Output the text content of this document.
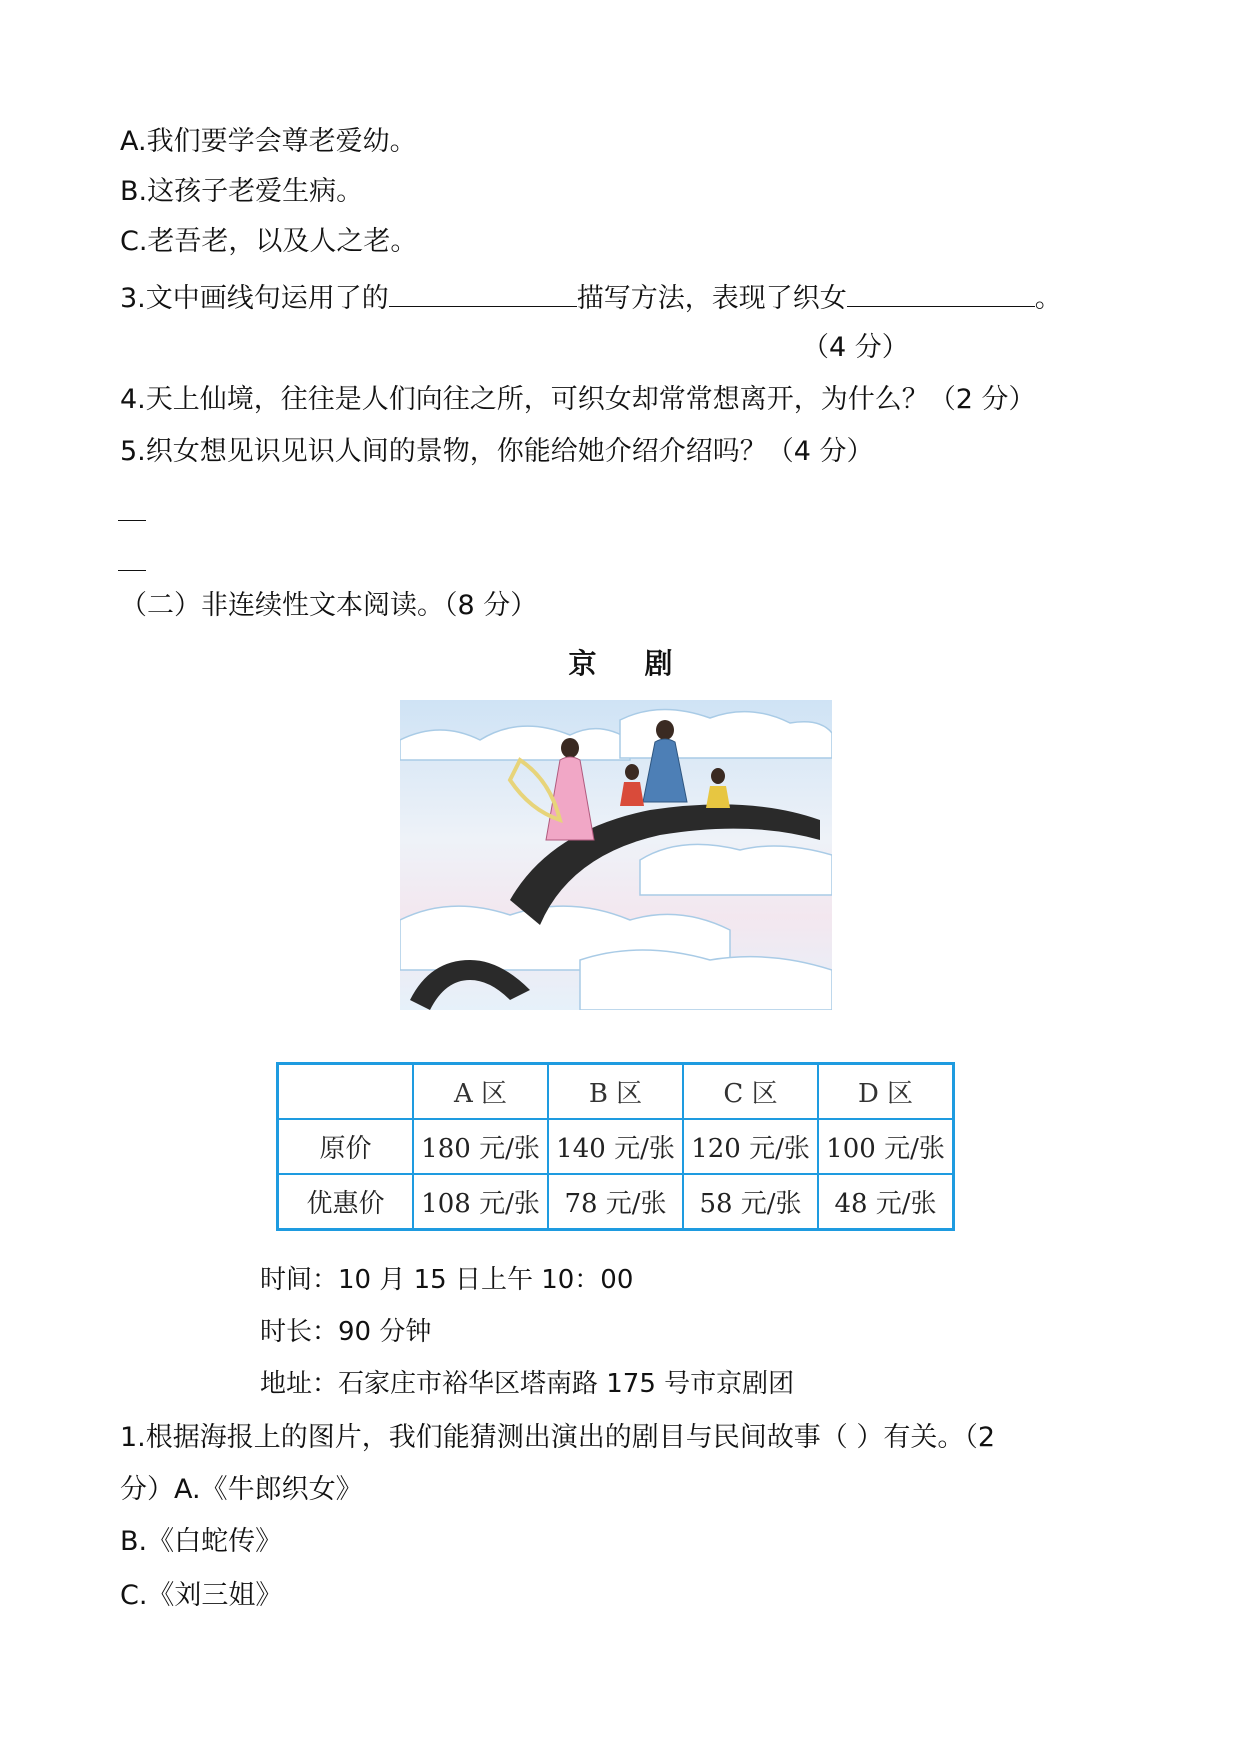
A.我们要学会尊老爱幼。
B.这孩子老爱生病。
C.老吾老，以及人之老。
3.文中画线句运用了的	描写方法，表现了织女	。
（4 分）
4.天上仙境，往往是人们向往之所，可织女却常常想离开，为什么？（2 分）
5.织女想见识见识人间的景物，你能给她介绍介绍吗？（4 分）
（二）非连续性文本阅读。（8 分）
京剧
	A 区	B 区	C 区	D 区
原价	180 元/张	140 元/张	120 元/张	100 元/张
优惠价	108 元/张	78 元/张	58 元/张	48 元/张
时间：10 月 15 日上午 10：00
时长：90 分钟
地址：石家庄市裕华区塔南路 175 号市京剧团
1.根据海报上的图片，我们能猜测出演出的剧目与民间故事（ ）有关。（2
分）A.《牛郎织女》
B.《白蛇传》
C.《刘三姐》
